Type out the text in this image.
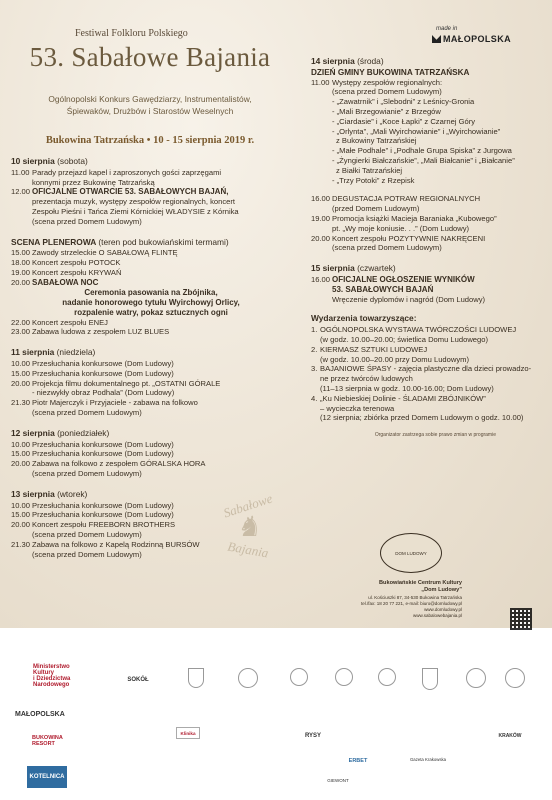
Festiwal Folkloru Polskiego
53. Sabałowe Bajania
Ogólnopolski Konkurs Gawędziarzy, Instrumentalistów,
Śpiewaków, Drużbów i Starostów Weselnych
Bukowina Tatrzańska • 10 - 15 sierpnia 2019 r.
made in
MAŁOPOLSKA
10 sierpnia (sobota)
11.00 Parady przejazd kapel i zaproszonych gości zaprzęgami
konnymi przez Bukowinę Tatrzańską
12.00 OFICJALNE OTWARCIE 53. SABAŁOWYCH BAJAŃ,
prezentacja muzyk, występy zespołów regionalnych, koncert
Zespołu Pieśni i Tańca Ziemi Kórnickiej WŁADYSIE z Kórnika
(scena przed Domem Ludowym)
SCENA PLENEROWA (teren pod bukowiańskimi termami)
15.00 Zawody strzeleckie O SABAŁOWĄ FLINTĘ
18.00 Koncert zespołu POTOCK
19.00 Koncert zespołu KRYWAŃ
20.00 SABAŁOWA NOC
Ceremonia pasowania na Zbójnika,
nadanie honorowego tytułu Wyirchowyj Orlicy,
rozpalenie watry, pokaz sztucznych ogni
22.00 Koncert zespołu ENEJ
23.00 Zabawa ludowa z zespołem LUZ BLUES
11 sierpnia (niedziela)
10.00 Przesłuchania konkursowe (Dom Ludowy)
15.00 Przesłuchania konkursowe (Dom Ludowy)
20.00 Projekcja filmu dokumentalnego pt. „OSTATNI GÓRALE
- niezwykły obraz Podhala” (Dom Ludowy)
21.30 Piotr Majerczyk i Przyjaciele - zabawa na folkowo
(scena przed Domem Ludowym)
12 sierpnia (poniedziałek)
10.00 Przesłuchania konkursowe (Dom Ludowy)
15.00 Przesłuchania konkursowe (Dom Ludowy)
20.00 Zabawa na folkowo z zespołem GÓRALSKA HORA
(scena przed Domem Ludowym)
13 sierpnia (wtorek)
10.00 Przesłuchania konkursowe (Dom Ludowy)
15.00 Przesłuchania konkursowe (Dom Ludowy)
20.00 Koncert zespołu FREEBORN BROTHERS
(scena przed Domem Ludowym)
21.30 Zabawa na folkowo z Kapelą Rodzinną BURSÓW
(scena przed Domem Ludowym)
14 sierpnia (środa)
DZIEŃ GMINY BUKOWINA TATRZAŃSKA
11.00 Występy zespołów regionalnych:
(scena przed Domem Ludowym)
- „Zawatrnik” i „Slebodni” z Leśnicy-Gronia
- „Mali Brzegowianie” z Brzegów
- „Ciardasie” i „Koce Łapki” z Czarnej Góry
- „Orlynta”, „Mali Wyirchowianie” i „Wyirchowianie”
z Bukowiny Tatrzańskiej
- „Małe Podhale” i „Podhale Grupa Spiska” z Jurgowa
- „Żyngierki Białczańskie”, „Mali Białcanie” i „Białcanie”
z Białki Tatrzańskiej
- „Trzy Potoki” z Rzepisk
16.00 DEGUSTACJA POTRAW REGIONALNYCH
(przed Domem Ludowym)
19.00 Promocja książki Macieja Baraniaka „Kubowego”
pt. „Wy moje koniusie. . .” (Dom Ludowy)
20.00 Koncert zespołu POZYTYWNIE NAKRĘCENI
(scena przed Domem Ludowym)
15 sierpnia (czwartek)
16.00 OFICJALNE OGŁOSZENIE WYNIKÓW
53. SABAŁOWYCH BAJAŃ
Wręczenie dyplomów i nagród (Dom Ludowy)
Wydarzenia towarzyszące:
1. OGÓLNOPOLSKA WYSTAWA TWÓRCZOŚCI LUDOWEJ
(w godz. 10.00–20.00; świetlica Domu Ludowego)
2. KIERMASZ SZTUKI LUDOWEJ
(w godz. 10.00–20.00 przy Domu Ludowym)
3. BAJANIOWE ŚPASY - zajęcia plastyczne dla dzieci prowadzo-
ne przez twórców ludowych
(11–13 sierpnia w godz. 10.00-16.00; Dom Ludowy)
4. „Ku Niebieskiej Dolinie - ŚLADAMI ZBÓJNIKÓW”
– wycieczka terenowa
(12 sierpnia; zbiórka przed Domem Ludowym o godz. 10.00)
Organizator zastrzega sobie prawo zmian w programie
Sabałowe
♞
Bajania	DOM LUDOWY
Bukowiańskie Centrum Kultury
„Dom Ludowy”
ul. Kościuszki 87, 34-530 Bukowina Tatrzańska
tel./fax: 18 20 77 221, e-mail: biuro@domludowy.pl
www.domludowy.pl
www.sabalowebajania.pl
Ministerstwo
Kultury
i Dziedzictwa
Narodowego
MAŁOPOLSKA
BUKOWINA
RESORT
KOTELNICA
SOKÓŁ
Klinika	RYSY
ERBET
KRAKÓW
GIEWONT
Gazeta Krakowska
